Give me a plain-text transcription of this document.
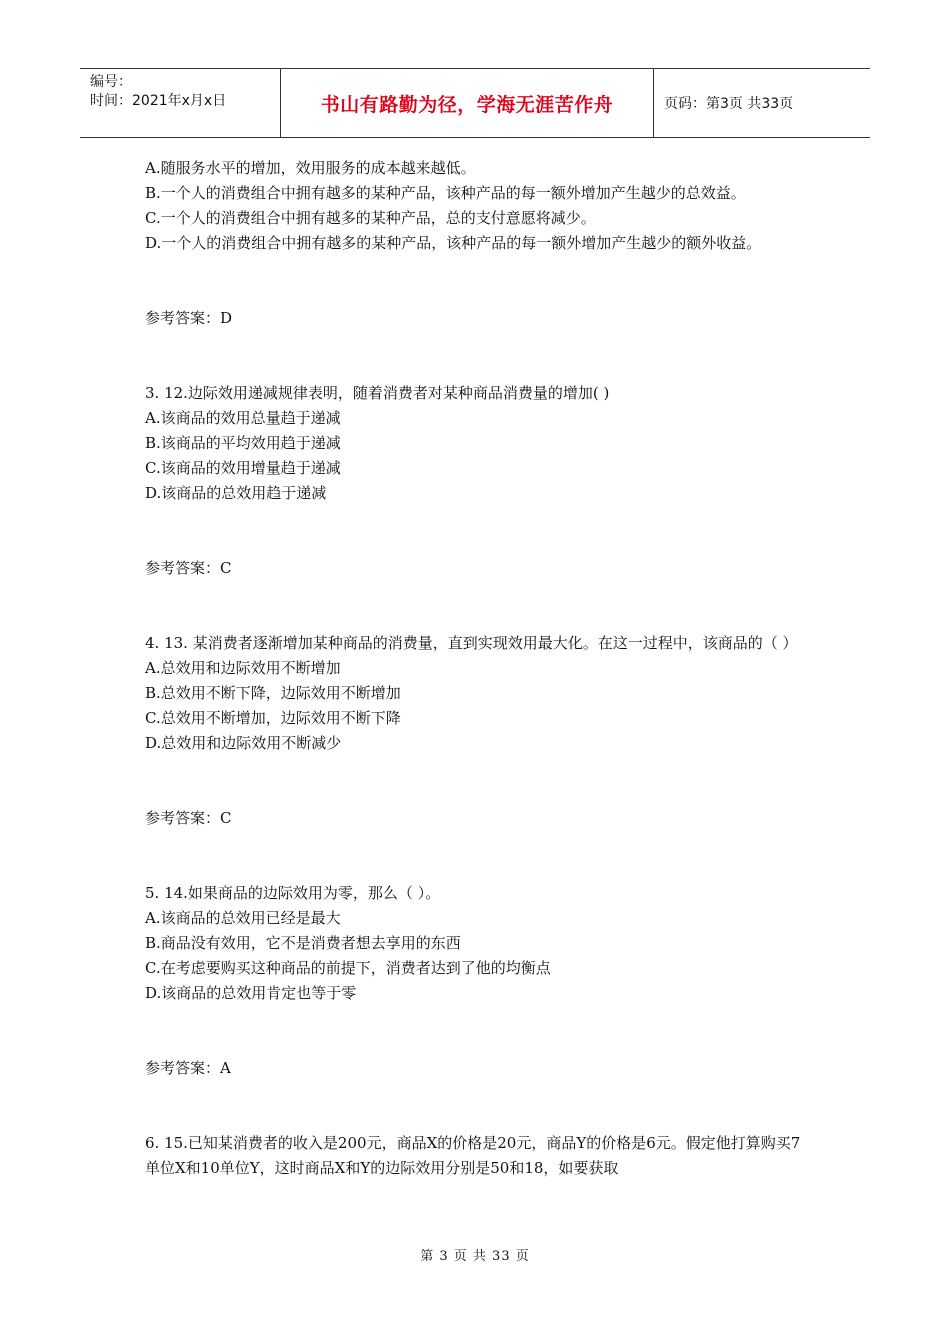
编号：
时间：2021年x月x日	书山有路勤为径，学海无涯苦作舟	页码：第3页 共33页
A.随服务水平的增加，效用服务的成本越来越低。
B.一个人的消费组合中拥有越多的某种产品，该种产品的每一额外增加产生越少的总效益。
C.一个人的消费组合中拥有越多的某种产品，总的支付意愿将减少。
D.一个人的消费组合中拥有越多的某种产品，该种产品的每一额外增加产生越少的额外收益。
参考答案：D
3. 12.边际效用递减规律表明，随着消费者对某种商品消费量的增加( )
A.该商品的效用总量趋于递减
B.该商品的平均效用趋于递减
C.该商品的效用增量趋于递减
D.该商品的总效用趋于递减
参考答案：C
4. 13. 某消费者逐渐增加某种商品的消费量，直到实现效用最大化。在这一过程中，该商品的（ ）
A.总效用和边际效用不断增加
B.总效用不断下降，边际效用不断增加
C.总效用不断增加，边际效用不断下降
D.总效用和边际效用不断减少
参考答案：C
5. 14.如果商品的边际效用为零，那么（ ）。
A.该商品的总效用已经是最大
B.商品没有效用，它不是消费者想去享用的东西
C.在考虑要购买这种商品的前提下，消费者达到了他的均衡点
D.该商品的总效用肯定也等于零
参考答案：A
6. 15.已知某消费者的收入是200元，商品X的价格是20元，商品Y的价格是6元。假定他打算购买7单位X和10单位Y，这时商品X和Y的边际效用分别是50和18，如要获取
第 3 页 共 33 页
